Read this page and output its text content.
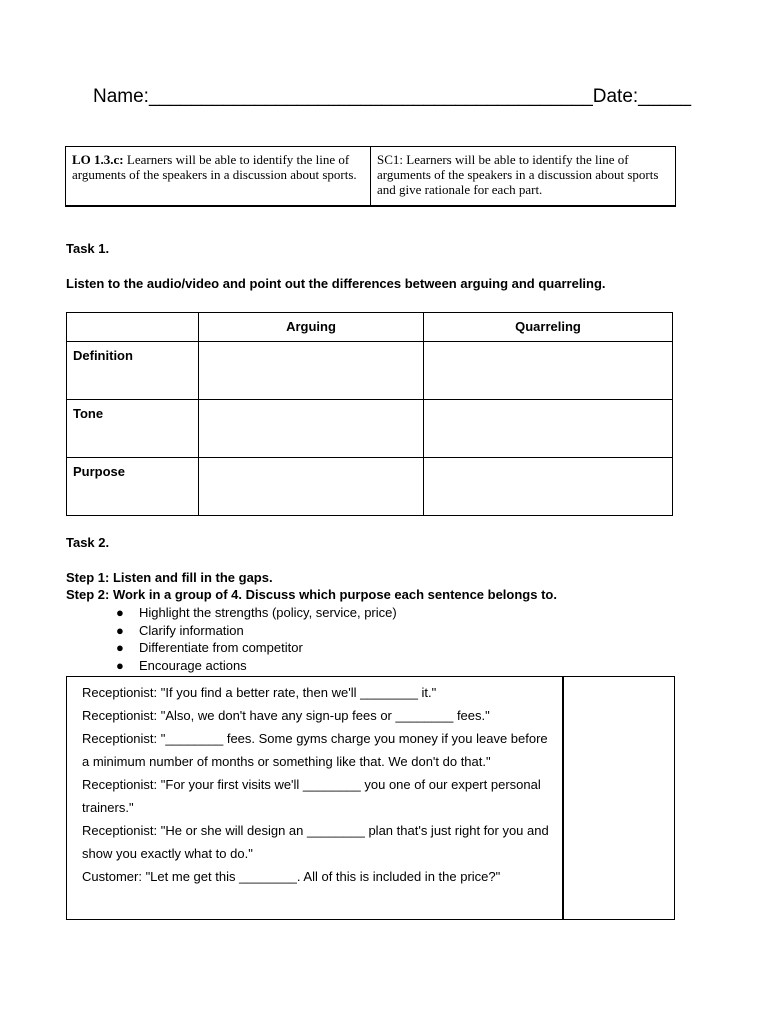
Name:__________________________________________Date:_____
LO 1.3.c: Learners will be able to identify the line of arguments of the speakers in a discussion about sports.	SC1: Learners will be able to identify the line of arguments of the speakers in a discussion about sports and give rationale for each part.
Task 1.
Listen to the audio/video and point out the differences between arguing and quarreling.
	Arguing	Quarreling
Definition		
Tone		
Purpose		
Task 2.
Step 1: Listen and fill in the gaps.
Step 2: Work in a group of 4. Discuss which purpose each sentence belongs to.
● Highlight the strengths (policy, service, price)
● Clarify information
● Differentiate from competitor
● Encourage actions

Receptionist: "If you find a better rate, then we'll ________ it."

Receptionist: "Also, we don't have any sign-up fees or ________ fees."

Receptionist: "________ fees. Some gyms charge you money if you leave before a minimum number of months or something like that. We don't do that."

Receptionist: "For your first visits we'll ________ you one of our expert personal trainers."

Receptionist: "He or she will design an ________ plan that's just right for you and show you exactly what to do."

Customer: "Let me get this ________. All of this is included in the price?"
